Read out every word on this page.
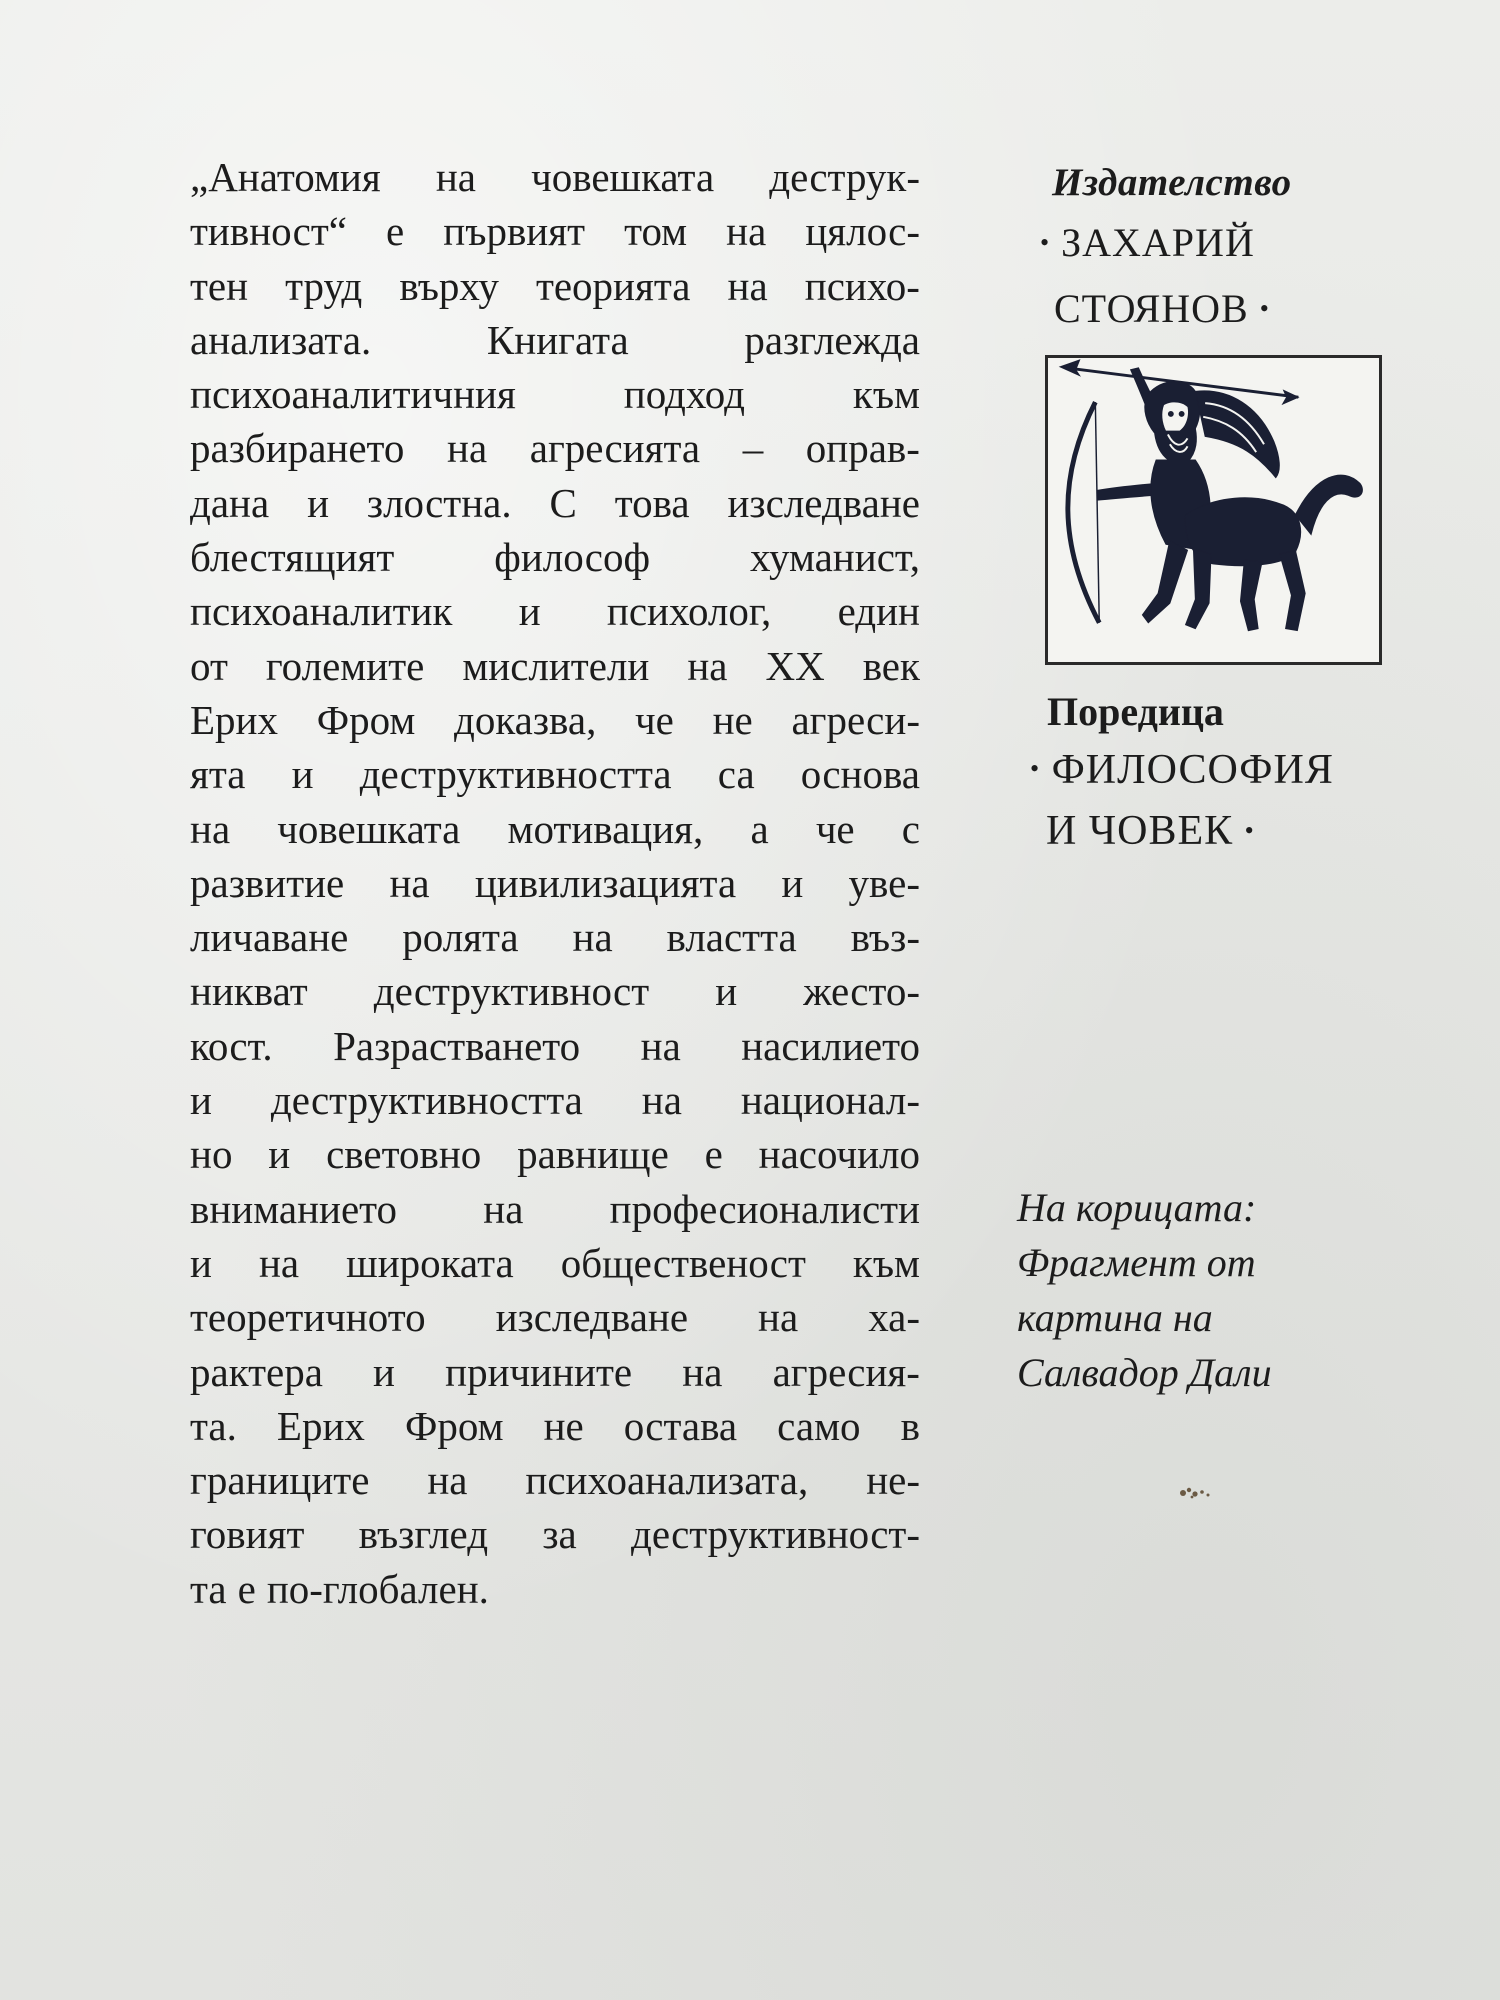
„Анатомия на човешката деструк-
тивност“ е първият том на цялос-
тен труд върху теорията на психо-
анализата.	Книгата	разглежда
психоаналитичния	подход	към
разбирането на агресията – оправ-
дана и злостна. С това изследване
блестящият философ хуманист,
психоаналитик и психолог, един
от големите мислители на XX век
Ерих Фром доказва, че не агреси-
ята и деструктивността са основа
на човешката мотивация, а че с
развитие на цивилизацията и уве-
личаване ролята на властта въз-
никват деструктивност и жесто-
кост. Разрастването на насилието
и деструктивността на национал-
но и световно равнище е насочило
вниманието на професионалисти
и на широката общественост към
теоретичното изследване на ха-
рактера и причините на агресия-
та. Ерих Фром не остава само в
границите на психоанализата, не-
говият възглед за деструктивност-
та е по-глобален.

Издателство

• ЗАХАРИЙ
СТОЯНОВ •

Поредица

• ФИЛОСОФИЯ
И ЧОВЕК •
На корицата:
Фрагмент от
картина на
Салвадор Дали
